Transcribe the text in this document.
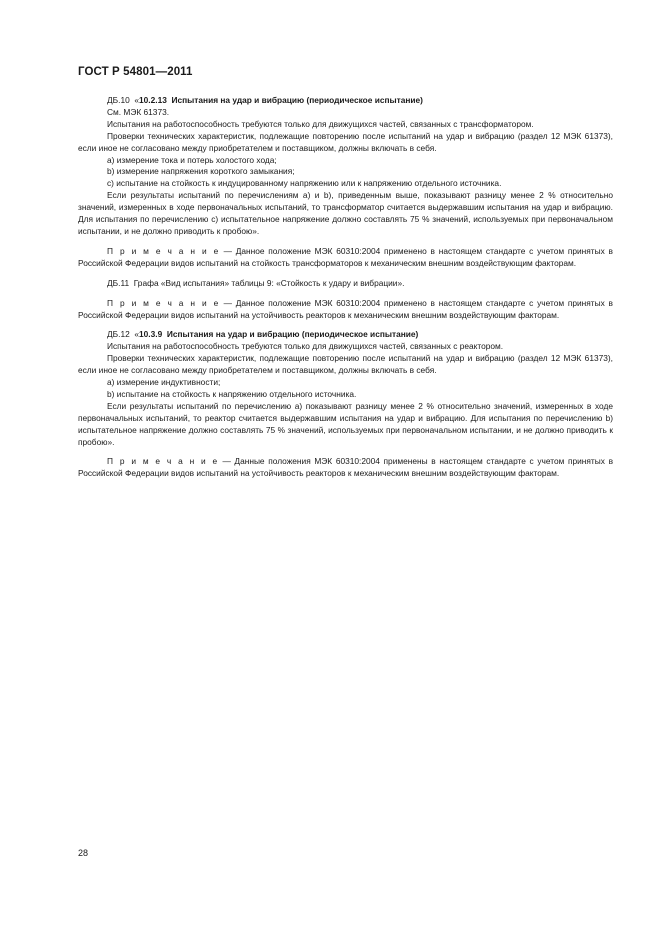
ГОСТ Р 54801—2011

ДБ.10 «10.2.13 Испытания на удар и вибрацию (периодическое испытание)

См. МЭК 61373.

Испытания на работоспособность требуются только для движущихся частей, связанных с трансформатором.

Проверки технических характеристик, подлежащие повторению после испытаний на удар и вибрацию (раздел 12 МЭК 61373), если иное не согласовано между приобретателем и поставщиком, должны включать в себя.

a) измерение тока и потерь холостого хода;

b) измерение напряжения короткого замыкания;

c) испытание на стойкость к индуцированному напряжению или к напряжению отдельного источника.

Если результаты испытаний по перечислениям а) и b), приведенным выше, показывают разницу менее 2 % относительно значений, измеренных в ходе первоначальных испытаний, то трансформатор считается выдержавшим испытания на удар и вибрацию. Для испытания по перечислению с) испытательное напряжение должно составлять 75 % значений, используемых при первоначальном испытании, и не должно приводить к пробою».

П р и м е ч а н и е — Данное положение МЭК 60310:2004 применено в настоящем стандарте с учетом принятых в Российской Федерации видов испытаний на стойкость трансформаторов к механическим внешним воздействующим факторам.

ДБ.11 Графа «Вид испытания» таблицы 9: «Стойкость к удару и вибрации».

П р и м е ч а н и е — Данное положение МЭК 60310:2004 применено в настоящем стандарте с учетом принятых в Российской Федерации видов испытаний на устойчивость реакторов к механическим внешним воздействующим факторам.

ДБ.12 «10.3.9 Испытания на удар и вибрацию (периодическое испытание)

Испытания на работоспособность требуются только для движущихся частей, связанных с реактором.

Проверки технических характеристик, подлежащие повторению после испытаний на удар и вибрацию (раздел 12 МЭК 61373), если иное не согласовано между приобретателем и поставщиком, должны включать в себя.

a) измерение индуктивности;

b) испытание на стойкость к напряжению отдельного источника.

Если результаты испытаний по перечислению а) показывают разницу менее 2 % относительно значений, измеренных в ходе первоначальных испытаний, то реактор считается выдержавшим испытания на удар и вибрацию. Для испытания по перечислению b) испытательное напряжение должно составлять 75 % значений, используемых при первоначальном испытании, и не должно приводить к пробою».

П р и м е ч а н и е — Данные положения МЭК 60310:2004 применены в настоящем стандарте с учетом принятых в Российской Федерации видов испытаний на устойчивость реакторов к механическим внешним воздействующим факторам.

28
